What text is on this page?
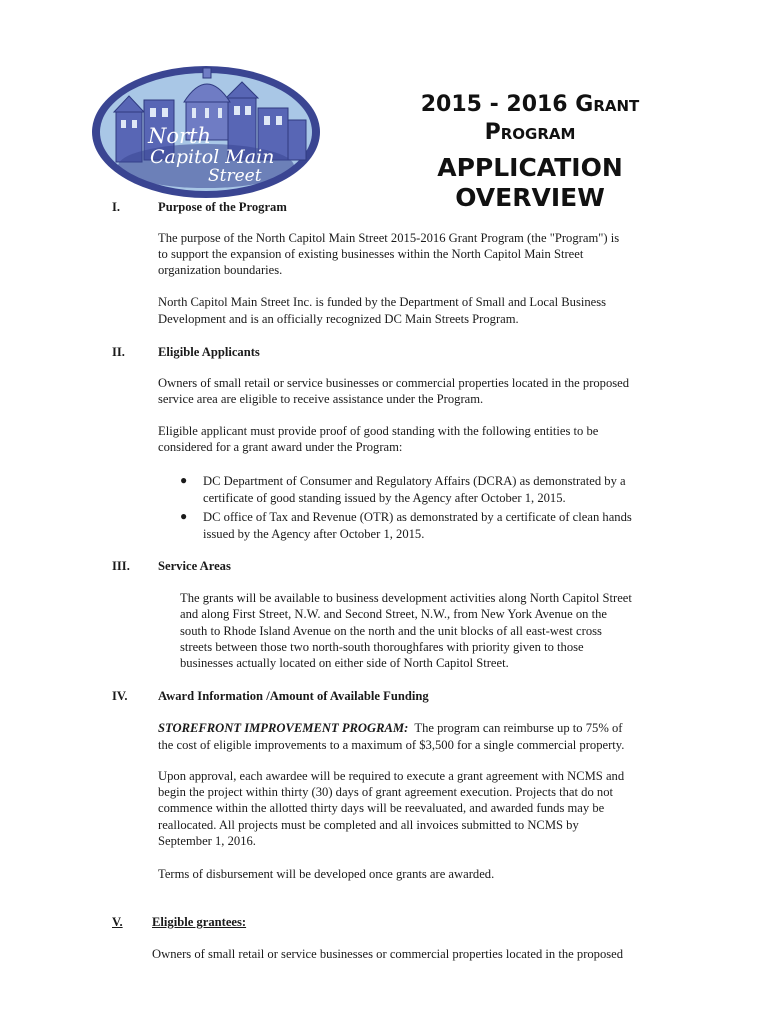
North
Capitol Main
Street
2015 - 2016 Grant
Program
APPLICATION
OVERVIEW
I.	Purpose of the Program
The purpose of the North Capitol Main Street 2015-2016 Grant Program (the "Program") is
to support the expansion of existing businesses within the North Capitol Main Street
organization boundaries.
North Capitol Main Street Inc. is funded by the Department of Small and Local Business
Development and is an officially recognized DC Main Streets Program.
II.	Eligible Applicants
Owners of small retail or service businesses or commercial properties located in the proposed
service area are eligible to receive assistance under the Program.
Eligible applicant must provide proof of good standing with the following entities to be
considered for a grant award under the Program:
● DC Department of Consumer and Regulatory Affairs (DCRA) as demonstrated by a
certificate of good standing issued by the Agency after October 1, 2015.
● DC office of Tax and Revenue (OTR) as demonstrated by a certificate of clean hands
issued by the Agency after October 1, 2015.
III. Service Areas
The grants will be available to business development activities along North Capitol Street
and along First Street, N.W. and Second Street, N.W., from New York Avenue on the
south to Rhode Island Avenue on the north and the unit blocks of all east-west cross
streets between those two north-south thoroughfares with priority given to those
businesses actually located on either side of North Capitol Street.
IV. Award Information /Amount of Available Funding
STOREFRONT IMPROVEMENT PROGRAM: The program can reimburse up to 75% of
the cost of eligible improvements to a maximum of $3,500 for a single commercial property.
Upon approval, each awardee will be required to execute a grant agreement with NCMS and
begin the project within thirty (30) days of grant agreement execution. Projects that do not
commence within the allotted thirty days will be reevaluated, and awarded funds may be
reallocated. All projects must be completed and all invoices submitted to NCMS by
September 1, 2016.
Terms of disbursement will be developed once grants are awarded.
V. Eligible grantees:
Owners of small retail or service businesses or commercial properties located in the proposed
